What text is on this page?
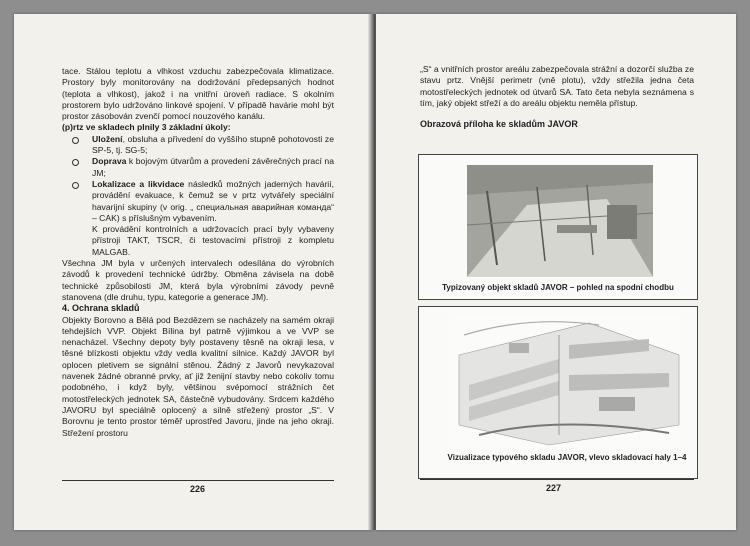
tace. Stálou teplotu a vlhkost vzduchu zabezpečovala klimatizace. Prostory byly monitorovány na dodržování předepsaných hodnot (teplota a vlhkost), jakož i na vnitřní úroveň radiace. S okolním prostorem bylo udržováno linkové spojení. V případě havárie mohl být prostor zásobován zvenčí pomocí nouzového kanálu.

(p)rtz ve skladech plnily 3 základní úkoly:

Uložení, obsluha a přivedení do vyššího stupně pohotovosti ze SP-5, tj. SG-5;
Doprava k bojovým útvarům a provedení závěrečných prací na JM;
Lokalizace a likvidace následků možných jaderných havárií, provádění evakuace, k čemuž se v prtz vytvářely speciální havarijní skupiny (v orig. „ специальная аварийная команда“ – CAK) s příslušným vybavením.

K provádění kontrolních a udržovacích prací byly vybaveny přístroji TAKT, TSCR, či testovacími přístroji z kompletu MALGAB.

Všechna JM byla v určených intervalech odesílána do výrobních závodů k provedení technické údržby. Obměna závisela na době technické způsobilosti JM, která byla výrobními závody pevně stanovena (dle druhu, typu, kategorie a generace JM).

4. Ochrana skladů

Objekty Borovno a Bělá pod Bezdězem se nacházely na samém okraji tehdejších VVP. Objekt Bílina byl patrně výjimkou a ve VVP se nenacházel. Všechny depoty byly postaveny těsně na okraji lesa, v těsné blízkosti objektu vždy vedla kvalitní silnice. Každý JAVOR byl oplocen pletivem se signální stěnou. Žádný z Javorů nevykazoval navenek žádné obranné prvky, ať již ženijní stavby nebo cokoliv tomu podobného, i když byly, většinou svépomocí strážních čet motostřeleckých jednotek SA, částečně vybudovány. Srdcem každého JAVORU byl speciálně oplocený a silně střežený prostor „S“. V Borovnu je tento prostor téměř uprostřed Javoru, jinde na jeho okraji. Střežení prostoru

226

„S“ a vnitřních prostor areálu zabezpečovala strážní a dozorčí služba ze stavu prtz. Vnější perimetr (vně plotu), vždy střežila jedna četa motostřeleckých jednotek od útvarů SA. Tato četa nebyla seznámena s tím, jaký objekt střeží a do areálu objektu neměla přístup.

Obrazová příloha ke skladům JAVOR

Typizovaný objekt skladů JAVOR – pohled na spodní chodbu
Vizualizace typového skladu JAVOR, vlevo skladovací haly 1–4
227
